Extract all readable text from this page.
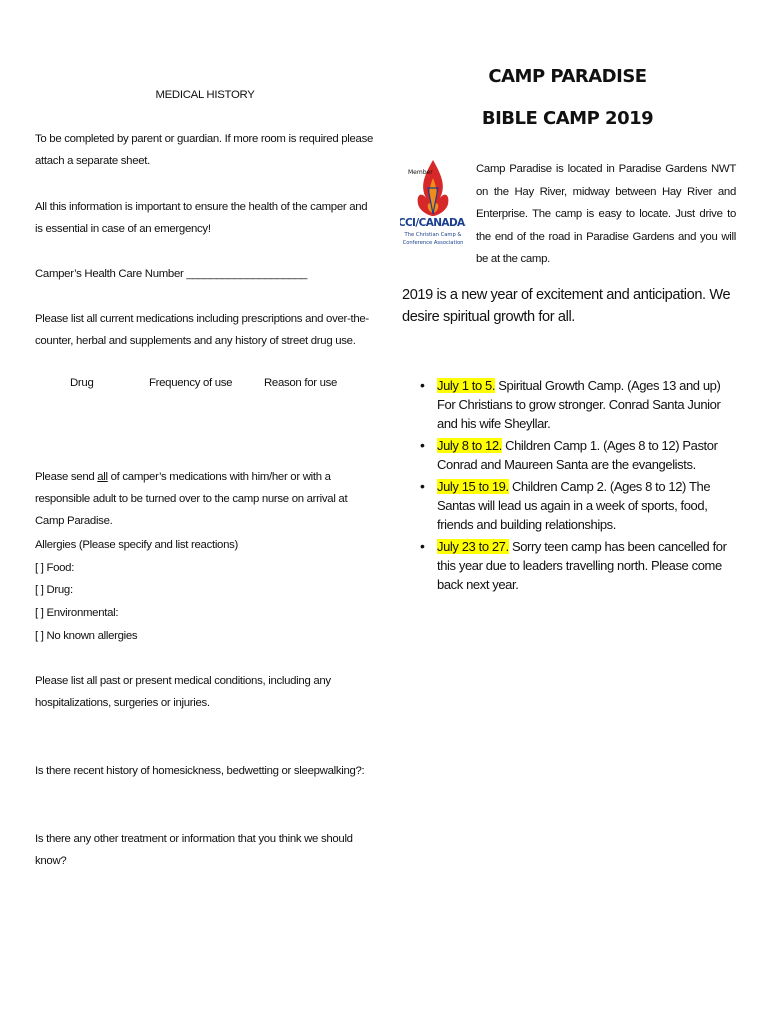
MEDICAL HISTORY
To be completed by parent or guardian. If more room is required please attach a separate sheet.
All this information is important to ensure the health of the camper and is essential in case of an emergency!
Camper’s Health Care Number ____________________
Please list all current medications including prescriptions and over-the-counter, herbal and supplements and any history of street drug use.
Drug	Frequency of use	Reason for use
Please send all of camper’s medications with him/her or with a responsible adult to be turned over to the camp nurse on arrival at Camp Paradise.
Allergies (Please specify and list reactions)
[ ] Food:
[ ] Drug:
[ ] Environmental:
[ ] No known allergies
Please list all past or present medical conditions, including any hospitalizations, surgeries or injuries.
Is there recent history of homesickness, bedwetting or sleepwalking?:
Is there any other treatment or information that you think we should know?
CAMP PARADISE
BIBLE CAMP 2019
Member
CCI/CANADA.
The Christian Camp &
Conference Association
Camp Paradise is located in Paradise Gardens NWT on the Hay River, midway between Hay River and Enterprise. The camp is easy to locate. Just drive to the end of the road in Paradise Gardens and you will be at the camp.
2019 is a new year of excitement and anticipation. We desire spiritual growth for all.
• July 1 to 5. Spiritual Growth Camp. (Ages 13 and up) For Christians to grow stronger. Conrad Santa Junior and his wife Sheyllar.
• July 8 to 12. Children Camp 1. (Ages 8 to 12) Pastor Conrad and Maureen Santa are the evangelists.
• July 15 to 19. Children Camp 2. (Ages 8 to 12) The Santas will lead us again in a week of sports, food, friends and building relationships.
• July 23 to 27. Sorry teen camp has been cancelled for this year due to leaders travelling north. Please come back next year.
